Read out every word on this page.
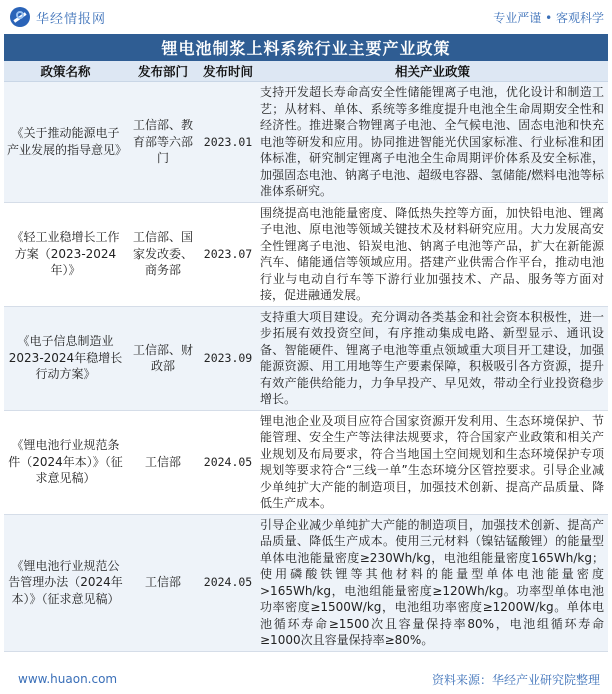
华经情报网	专业严谨 • 客观科学
锂电池制浆上料系统行业主要产业政策
政策名称	发布部门	发布时间	相关产业政策
《关于推动能源电子产业发展的指导意见》	工信部、教育部等六部门	2023.01	支持开发超长寿命高安全性储能锂离子电池，优化设计和制造工艺；从材料、单体、系统等多维度提升电池全生命周期安全性和经济性。推进聚合物锂离子电池、全气候电池、固态电池和快充电池等研发和应用。协同推进智能光伏国家标准、行业标准和团体标准，研究制定锂离子电池全生命周期评价体系及安全标准，加强固态电池、钠离子电池、超级电容器、氢储能/燃料电池等标准体系研究。
《轻工业稳增长工作方案（2023-2024年）》	工信部、国家发改委、商务部	2023.07	围绕提高电池能量密度、降低热失控等方面，加快铅电池、锂离子电池、原电池等领域关键技术及材料研究应用。大力发展高安全性锂离子电池、铅炭电池、钠离子电池等产品，扩大在新能源汽车、储能通信等领域应用。搭建产业供需合作平台，推动电池行业与电动自行车等下游行业加强技术、产品、服务等方面对接，促进融通发展。
《电子信息制造业2023-2024年稳增长行动方案》	工信部、财政部	2023.09	支持重大项目建设。充分调动各类基金和社会资本积极性，进一步拓展有效投资空间，有序推动集成电路、新型显示、通讯设备、智能硬件、锂离子电池等重点领域重大项目开工建设，加强能源资源、用工用地等生产要素保障，积极吸引各方资源，提升有效产能供给能力，力争早投产、早见效，带动全行业投资稳步增长。
《锂电池行业规范条件（2024年本）》（征求意见稿）	工信部	2024.05	锂电池企业及项目应符合国家资源开发利用、生态环境保护、节能管理、安全生产等法律法规要求，符合国家产业政策和相关产业规划及布局要求，符合当地国土空间规划和生态环境保护专项规划等要求符合“三线一单”生态环境分区管控要求。引导企业减少单纯扩大产能的制造项目，加强技术创新、提高产品质量、降低生产成本。
《锂电池行业规范公告管理办法（2024年本）》（征求意见稿）	工信部	2024.05	引导企业减少单纯扩大产能的制造项目，加强技术创新、提高产品质量、降低生产成本。使用三元材料（镍钴锰酸锂）的能量型单体电池能量密度≥230Wh/kg，电池组能量密度165Wh/kg；使用磷酸铁锂等其他材料的能量型单体电池能量密度>165Wh/kg，电池组能量密度≥120Wh/kg。功率型单体电池功率密度≥1500W/kg，电池组功率密度≥1200W/kg。单体电池循环寿命≥1500次且容量保持率80%，电池组循环寿命≥1000次且容量保持率≥80%。
www.huaon.com	资料来源：华经产业研究院整理
